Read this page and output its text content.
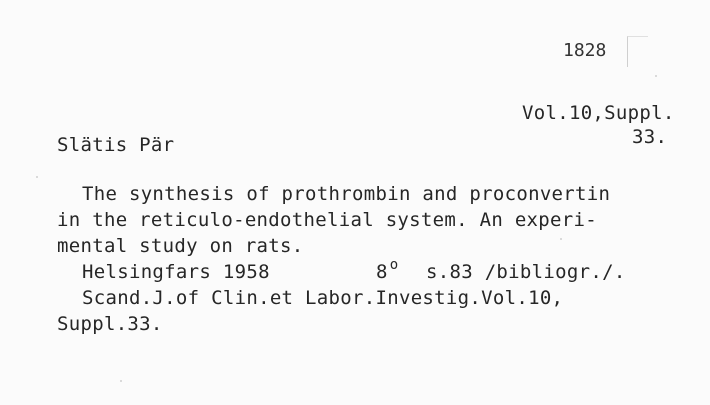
1828
Vol.10,Suppl.
33.
Slätis Pär
The synthesis of prothrombin and proconvertin
in the reticulo-endothelial system. An experi-
mental study on rats.
Helsingfars 1958	8 $^o$ s.83 /bibliogr./.
Scand.J.of Clin.et Labor.Investig.Vol.10,
Suppl.33.
